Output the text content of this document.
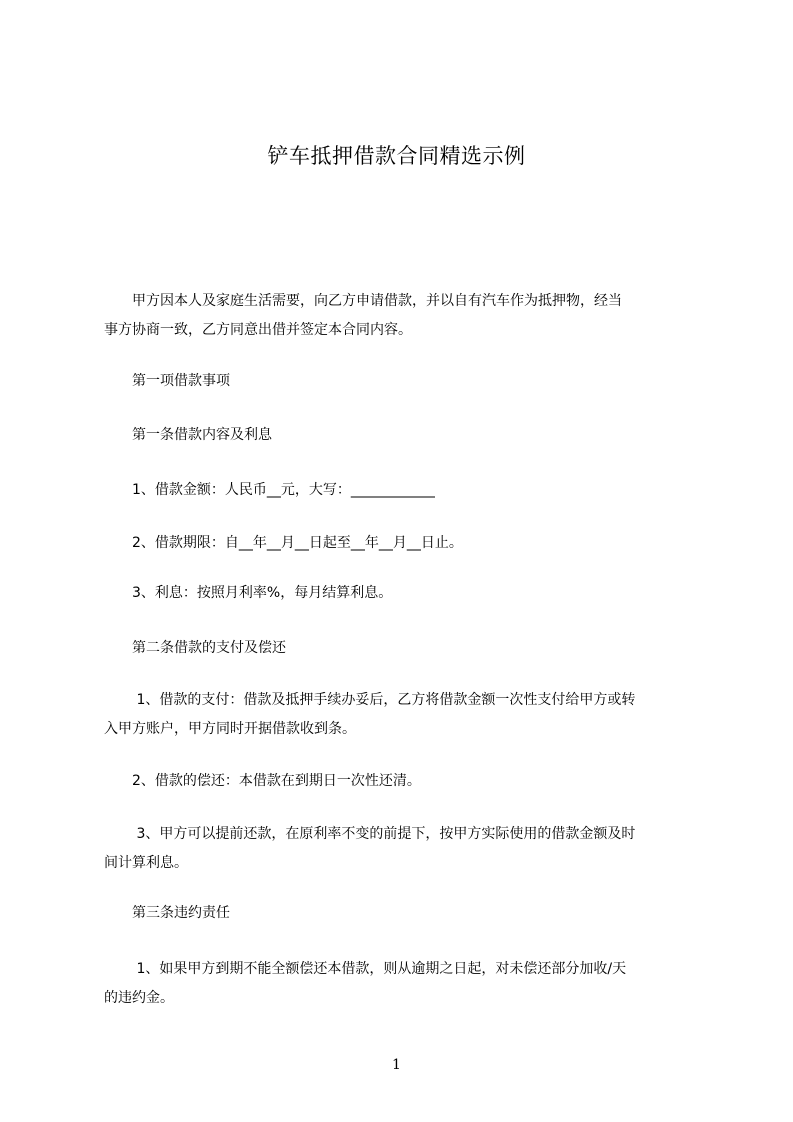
铲车抵押借款合同精选示例
　　甲方因本人及家庭生活需要，向乙方申请借款，并以自有汽车作为抵押物，经当
事方协商一致，乙方同意出借并签定本合同内容。
　　第一项借款事项
　　第一条借款内容及利息
　　1、借款金额：人民币__元，大写：____________
　　2、借款期限：自__年__月__日起至__年__月__日止。
　　3、利息：按照月利率%，每月结算利息。
　　第二条借款的支付及偿还
　　 1、借款的支付：借款及抵押手续办妥后，乙方将借款金额一次性支付给甲方或转
入甲方账户，甲方同时开据借款收到条。
　　2、借款的偿还：本借款在到期日一次性还清。
　　 3、甲方可以提前还款，在原利率不变的前提下，按甲方实际使用的借款金额及时
间计算利息。
　　第三条违约责任
　　 1、如果甲方到期不能全额偿还本借款，则从逾期之日起，对未偿还部分加收/天
的违约金。
1
